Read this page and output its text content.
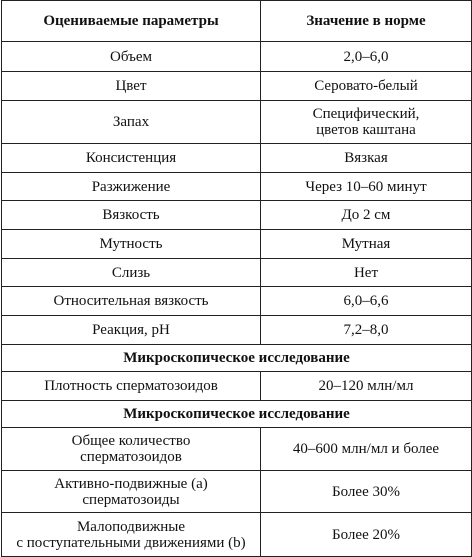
Оцениваемые параметры	Значение в норме
Объем	2,0–6,0
Цвет	Серовато-белый
Запах	Специфический,
цветов каштана
Консистенция	Вязкая
Разжижение	Через 10–60 минут
Вязкость	До 2 см
Мутность	Мутная
Слизь	Нет
Относительная вязкость	6,0–6,6
Реакция, pH	7,2–8,0
Микроскопическое исследование	
Плотность сперматозоидов	20–120 млн/мл
Микроскопическое исследование	
Общее количество
сперматозоидов	40–600 млн/мл и более
Активно-подвижные (a)
сперматозоиды	Более 30%
Малоподвижные
с поступательными движениями (b)	Более 20%
